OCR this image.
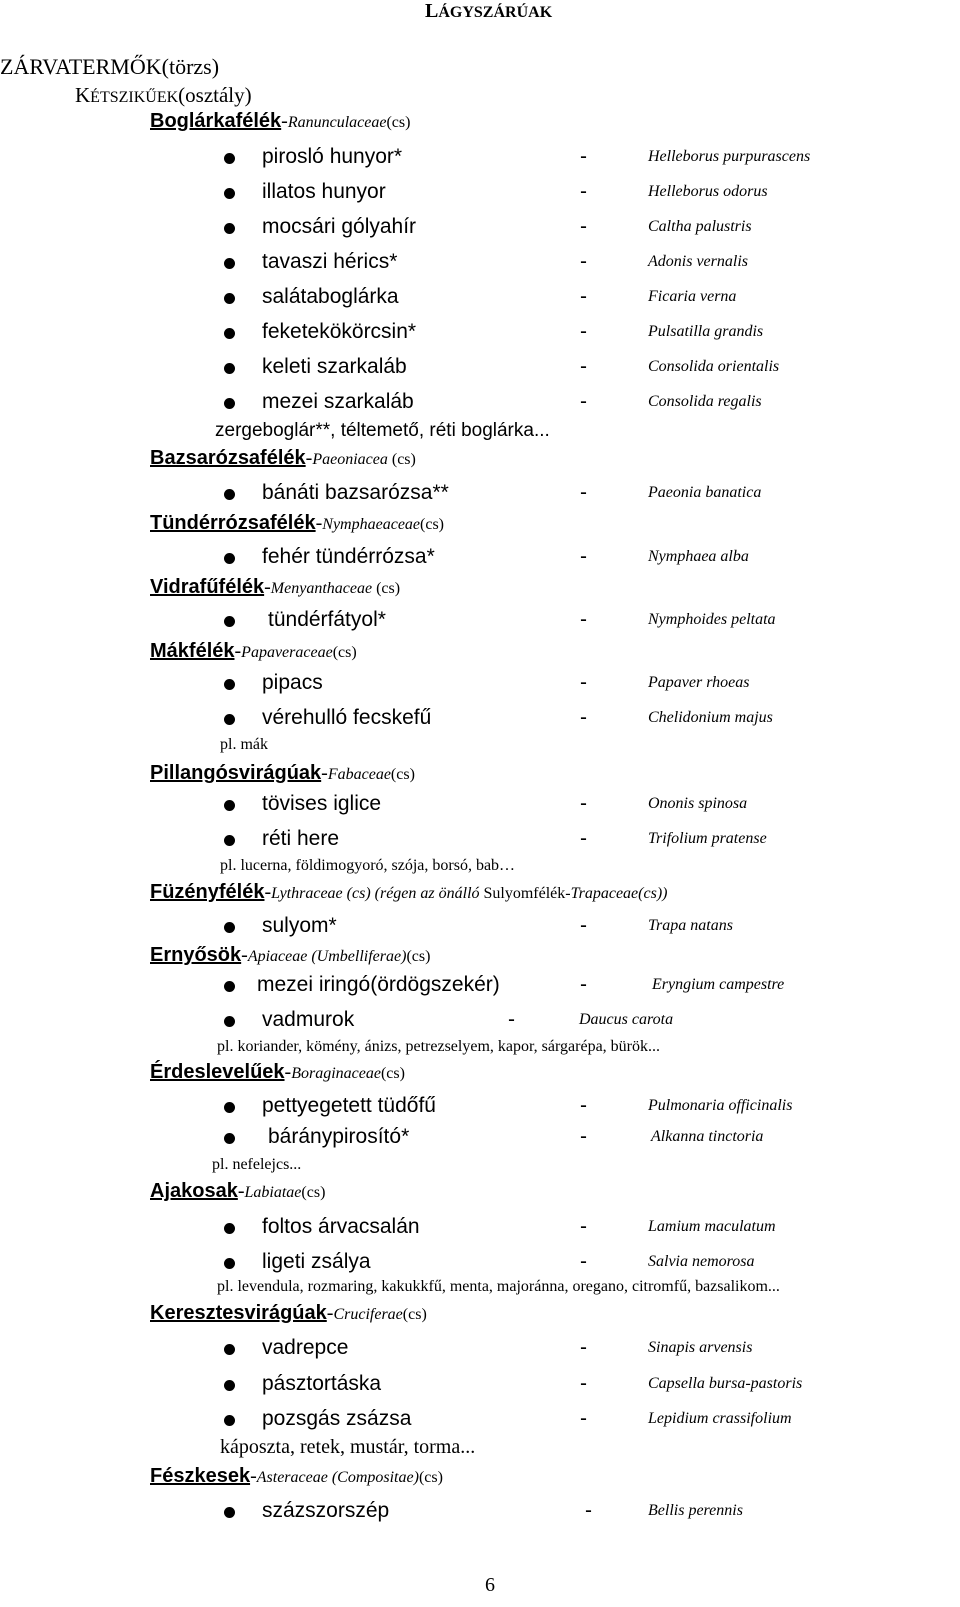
LÁGYSZÁRÚAK
ZÁRVATERMŐK(törzs)
KÉTSZIKŰEK(osztály)
Boglárkafélék-Ranunculaceae(cs)
Bazsarózsafélék-Paeoniacea (cs)
Tündérrózsafélék-Nymphaeaceae(cs)
Vidrafűfélék-Menyanthaceae (cs)
Mákfélék-Papaveraceae(cs)
Pillangósvirágúak-Fabaceae(cs)
Füzényfélék-Lythraceae (cs) (régen az önálló Sulyomfélék-Trapaceae(cs))
Ernyősök-Apiaceae (Umbelliferae)(cs)
Érdeslevelűek-Boraginaceae(cs)
Ajakosak-Labiatae(cs)
Keresztesvirágúak-Cruciferae(cs)
Fészkesek-Asteraceae (Compositae)(cs)
pirosló hunyor*	-	Helleborus purpurascens
illatos hunyor	-	Helleborus odorus
mocsári gólyahír	-	Caltha palustris
tavaszi hérics*	-	Adonis vernalis
salátaboglárka	-	Ficaria verna
feketekökörcsin*	-	Pulsatilla grandis
keleti szarkaláb	-	Consolida orientalis
mezei szarkaláb	-	Consolida regalis
zergeboglár**, téltemető, réti boglárka...
bánáti bazsarózsa**	-	Paeonia banatica
fehér tündérrózsa*	-	Nymphaea alba
tündérfátyol*	-	Nymphoides peltata
pipacs	-	Papaver rhoeas
vérehulló fecskefű	-	Chelidonium majus
pl. mák
tövises iglice	-	Ononis spinosa
réti here	-	Trifolium pratense
pl. lucerna, földimogyoró, szója, borsó, bab…
sulyom*	-	Trapa natans
mezei iringó(ördögszekér)	-	Eryngium campestre
vadmurok	-	Daucus carota
pl. koriander, kömény, ánizs, petrezselyem, kapor, sárgarépa, bürök...
pettyegetett tüdőfű	-	Pulmonaria officinalis
báránypirosító*	-	Alkanna tinctoria
pl. nefelejcs...
foltos árvacsalán	-	Lamium maculatum
ligeti zsálya	-	Salvia nemorosa
pl. levendula, rozmaring, kakukkfű, menta, majoránna, oregano, citromfű, bazsalikom...
vadrepce	-	Sinapis arvensis
pásztortáska	-	Capsella bursa-pastoris
pozsgás zsázsa	-	Lepidium crassifolium
káposzta, retek, mustár, torma...
százszorszép	-	Bellis perennis
6
